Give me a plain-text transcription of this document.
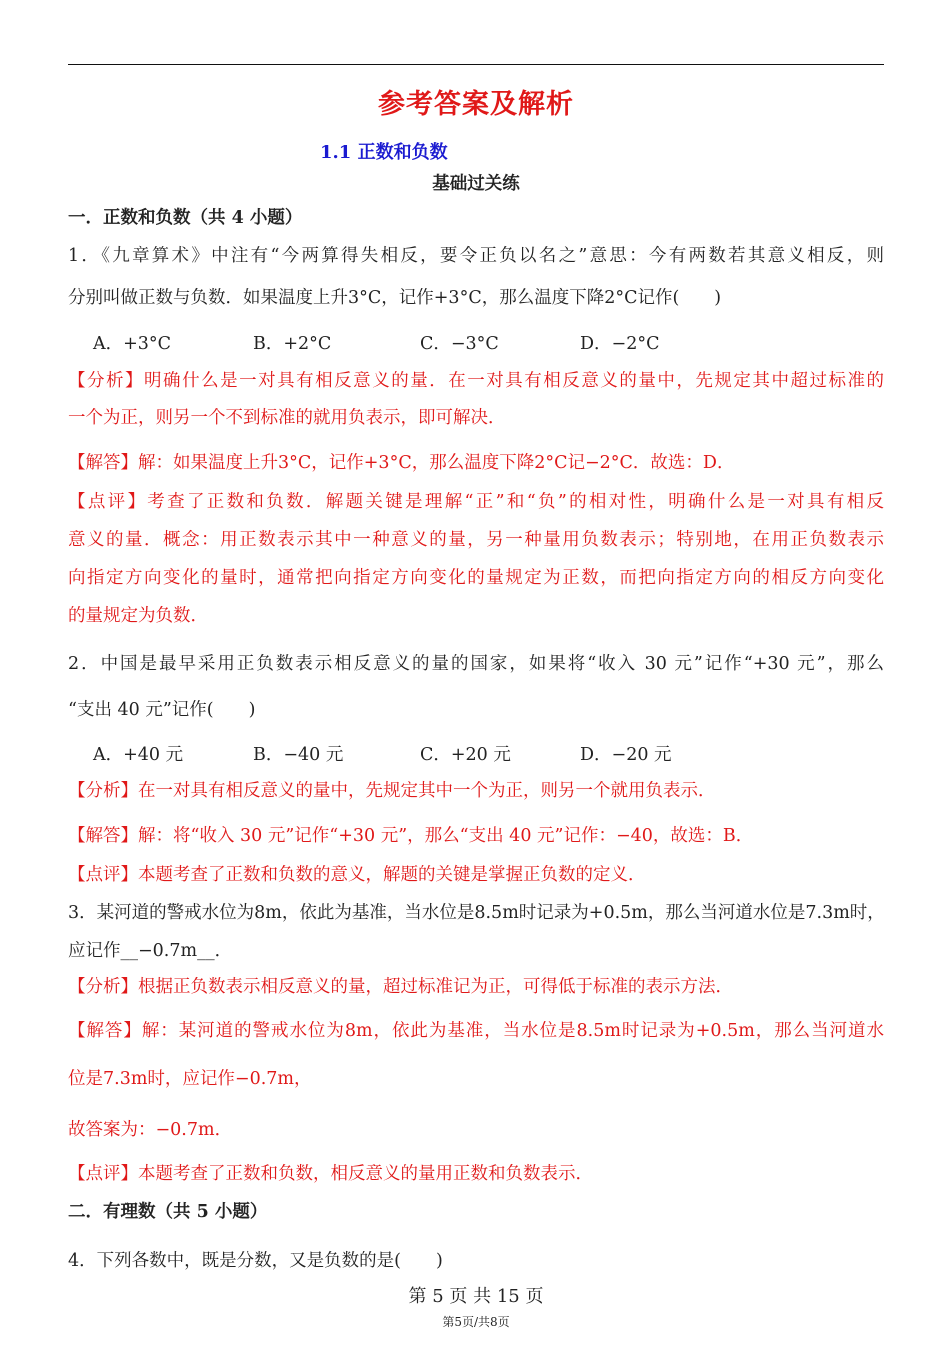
参考答案及解析
1.1 正数和负数
基础过关练
一．正数和负数（共 4 小题）
1．《九章算术》中注有“今两算得失相反，要令正负以名之”意思：今有两数若其意义相反，则
分别叫做正数与负数．如果温度上升3°C，记作+3°C，那么温度下降2°C记作(　　)
A．+3°C	B．+2°C	C．−3°C	D．−2°C
【分析】明确什么是一对具有相反意义的量．在一对具有相反意义的量中，先规定其中超过标准的
一个为正，则另一个不到标准的就用负表示，即可解决．
【解答】解：如果温度上升3°C，记作+3°C，那么温度下降2°C记−2°C．故选：D．
【点评】考查了正数和负数．解题关键是理解“正”和“负”的相对性，明确什么是一对具有相反
意义的量．概念：用正数表示其中一种意义的量，另一种量用负数表示；特别地，在用正负数表示
向指定方向变化的量时，通常把向指定方向变化的量规定为正数，而把向指定方向的相反方向变化
的量规定为负数．
2．中国是最早采用正负数表示相反意义的量的国家，如果将“收入 30 元”记作“+30 元”，那么
“支出 40 元”记作(　　)
A．+40 元	B．−40 元	C．+20 元	D．−20 元
【分析】在一对具有相反意义的量中，先规定其中一个为正，则另一个就用负表示．
【解答】解：将“收入 30 元”记作“+30 元”，那么“支出 40 元”记作：−40，故选：B．
【点评】本题考查了正数和负数的意义，解题的关键是掌握正负数的定义．
3．某河道的警戒水位为8m，依此为基准，当水位是8.5m时记录为+0.5m，那么当河道水位是7.3m时，
应记作__−0.7m__．
【分析】根据正负数表示相反意义的量，超过标准记为正，可得低于标准的表示方法．
【解答】解：某河道的警戒水位为8m，依此为基准，当水位是8.5m时记录为+0.5m，那么当河道水
位是7.3m时，应记作−0.7m，
故答案为：−0.7m．
【点评】本题考查了正数和负数，相反意义的量用正数和负数表示．
二．有理数（共 5 小题）
4．下列各数中，既是分数，又是负数的是(　　)
第 5 页 共 15 页
第5页/共8页
